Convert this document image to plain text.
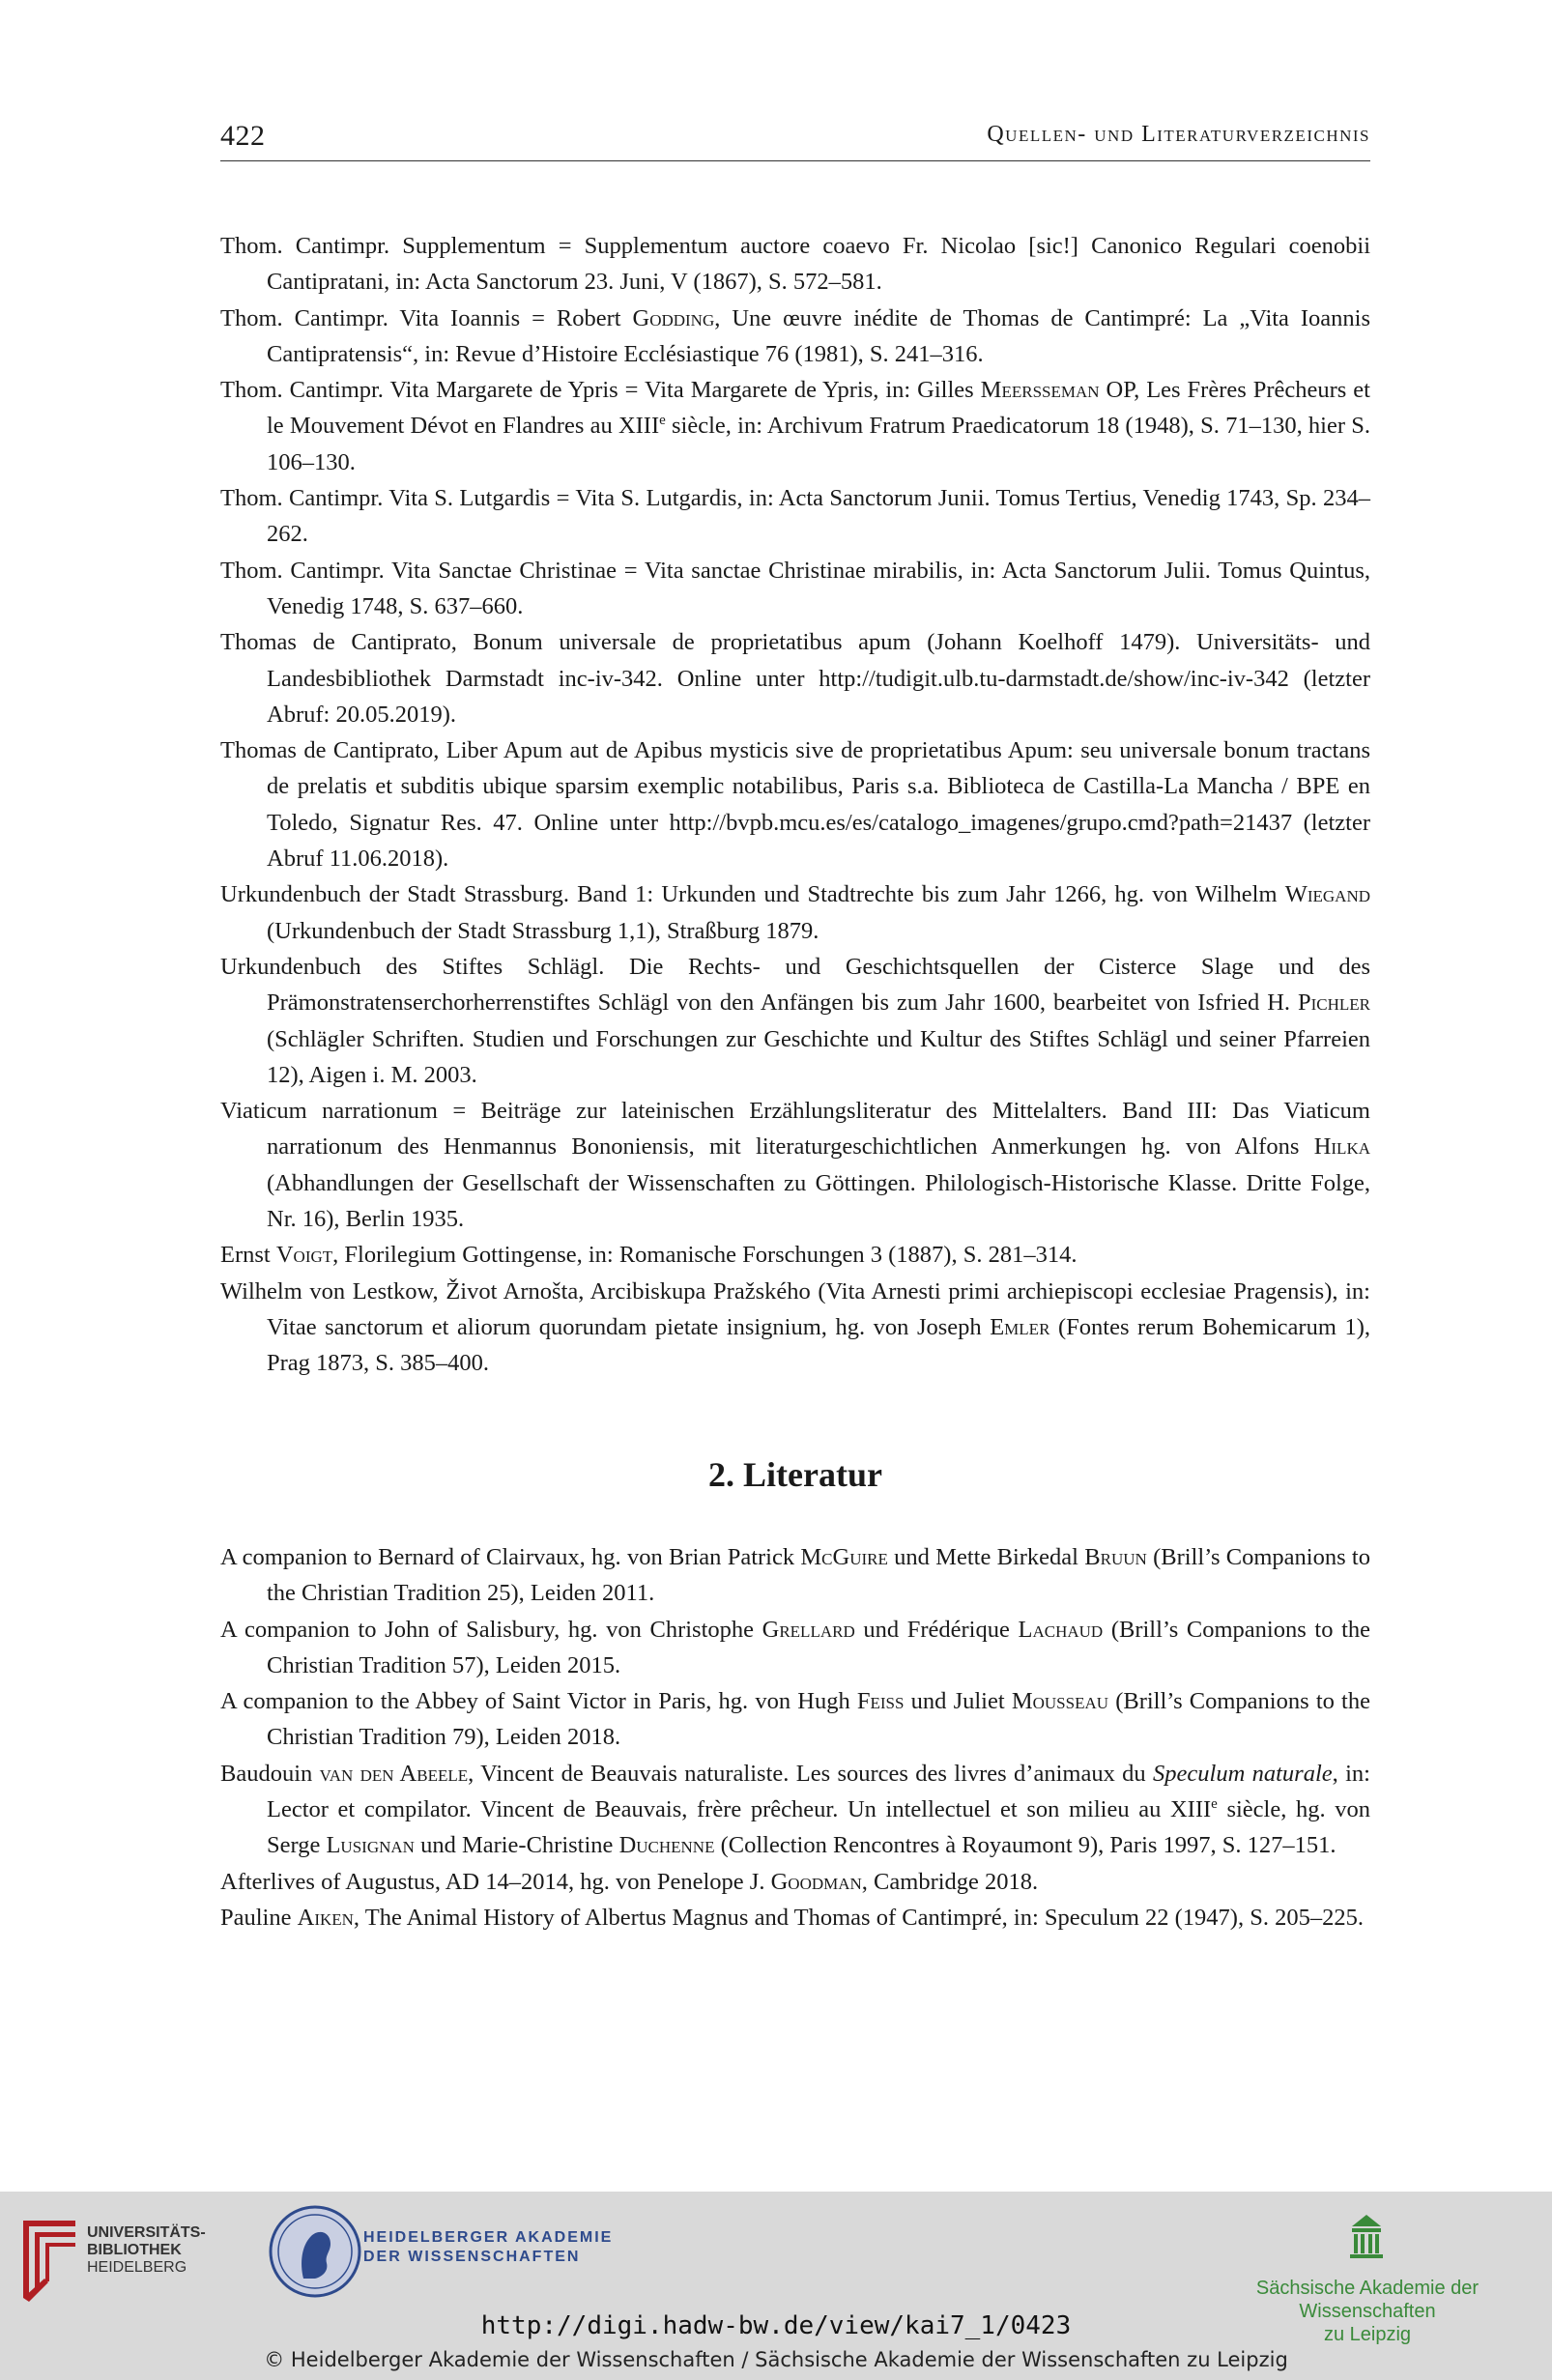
422	Quellen- und Literaturverzeichnis

Thom. Cantimpr. Supplementum = Supplementum auctore coaevo Fr. Nicolao [sic!] Canonico Regulari coenobii Cantipratani, in: Acta Sanctorum 23. Juni, V (1867), S. 572–581.

Thom. Cantimpr. Vita Ioannis = Robert Godding, Une œuvre inédite de Thomas de Cantimpré: La „Vita Ioannis Cantipratensis“, in: Revue d’Histoire Ecclésiastique 76 (1981), S. 241–316.

Thom. Cantimpr. Vita Margarete de Ypris = Vita Margarete de Ypris, in: Gilles Meersseman OP, Les Frères Prêcheurs et le Mouvement Dévot en Flandres au XIIIe siècle, in: Archivum Fratrum Praedicatorum 18 (1948), S. 71–130, hier S. 106–130.

Thom. Cantimpr. Vita S. Lutgardis = Vita S. Lutgardis, in: Acta Sanctorum Junii. Tomus Tertius, Venedig 1743, Sp. 234–262.

Thom. Cantimpr. Vita Sanctae Christinae = Vita sanctae Christinae mirabilis, in: Acta Sanctorum Julii. Tomus Quintus, Venedig 1748, S. 637–660.

Thomas de Cantiprato, Bonum universale de proprietatibus apum (Johann Koelhoff 1479). Universitäts- und Landesbibliothek Darmstadt inc-iv-342. Online unter http://tudigit.ulb.tu-darmstadt.de/show/inc-iv-342 (letzter Abruf: 20.05.2019).

Thomas de Cantiprato, Liber Apum aut de Apibus mysticis sive de proprietatibus Apum: seu universale bonum tractans de prelatis et subditis ubique sparsim exemplic notabilibus, Paris s.a. Biblioteca de Castilla-La Mancha / BPE en Toledo, Signatur Res. 47. Online unter http://bvpb.mcu.es/es/catalogo_imagenes/grupo.cmd?path=21437 (letzter Abruf 11.06.2018).

Urkundenbuch der Stadt Strassburg. Band 1: Urkunden und Stadtrechte bis zum Jahr 1266, hg. von Wilhelm Wiegand (Urkundenbuch der Stadt Strassburg 1,1), Straßburg 1879.

Urkundenbuch des Stiftes Schlägl. Die Rechts- und Geschichtsquellen der Cisterce Slage und des Prämonstratenserchorherrenstiftes Schlägl von den Anfängen bis zum Jahr 1600, bearbeitet von Isfried H. Pichler (Schlägler Schriften. Studien und Forschungen zur Geschichte und Kultur des Stiftes Schlägl und seiner Pfarreien 12), Aigen i. M. 2003.

Viaticum narrationum = Beiträge zur lateinischen Erzählungsliteratur des Mittelalters. Band III: Das Viaticum narrationum des Henmannus Bononiensis, mit literaturgeschichtlichen Anmerkungen hg. von Alfons Hilka (Abhandlungen der Gesellschaft der Wissenschaften zu Göttingen. Philologisch-Historische Klasse. Dritte Folge, Nr. 16), Berlin 1935.

Ernst Voigt, Florilegium Gottingense, in: Romanische Forschungen 3 (1887), S. 281–314.

Wilhelm von Lestkow, Život Arnošta, Arcibiskupa Pražského (Vita Arnesti primi archiepiscopi ecclesiae Pragensis), in: Vitae sanctorum et aliorum quorundam pietate insignium, hg. von Joseph Emler (Fontes rerum Bohemicarum 1), Prag 1873, S. 385–400.

2. Literatur

A companion to Bernard of Clairvaux, hg. von Brian Patrick McGuire und Mette Birkedal Bruun (Brill’s Companions to the Christian Tradition 25), Leiden 2011.

A companion to John of Salisbury, hg. von Christophe Grellard und Frédérique Lachaud (Brill’s Companions to the Christian Tradition 57), Leiden 2015.

A companion to the Abbey of Saint Victor in Paris, hg. von Hugh Feiss und Juliet Mousseau (Brill’s Companions to the Christian Tradition 79), Leiden 2018.

Baudouin van den Abeele, Vincent de Beauvais naturaliste. Les sources des livres d’animaux du Speculum naturale, in: Lector et compilator. Vincent de Beauvais, frère prêcheur. Un intellectuel et son milieu au XIIIe siècle, hg. von Serge Lusignan und Marie-Christine Duchenne (Collection Rencontres à Royaumont 9), Paris 1997, S. 127–151.

Afterlives of Augustus, AD 14–2014, hg. von Penelope J. Goodman, Cambridge 2018.

Pauline Aiken, The Animal History of Albertus Magnus and Thomas of Cantimpré, in: Speculum 22 (1947), S. 205–225.

UNIVERSITÄTS-
BIBLIOTHEK
HEIDELBERG
HEIDELBERGER AKADEMIE
DER WISSENSCHAFTEN
Sächsische Akademie der Wissenschaften
zu Leipzig
http://digi.hadw-bw.de/view/kai7_1/0423
© Heidelberger Akademie der Wissenschaften / Sächsische Akademie der Wissenschaften zu Leipzig
